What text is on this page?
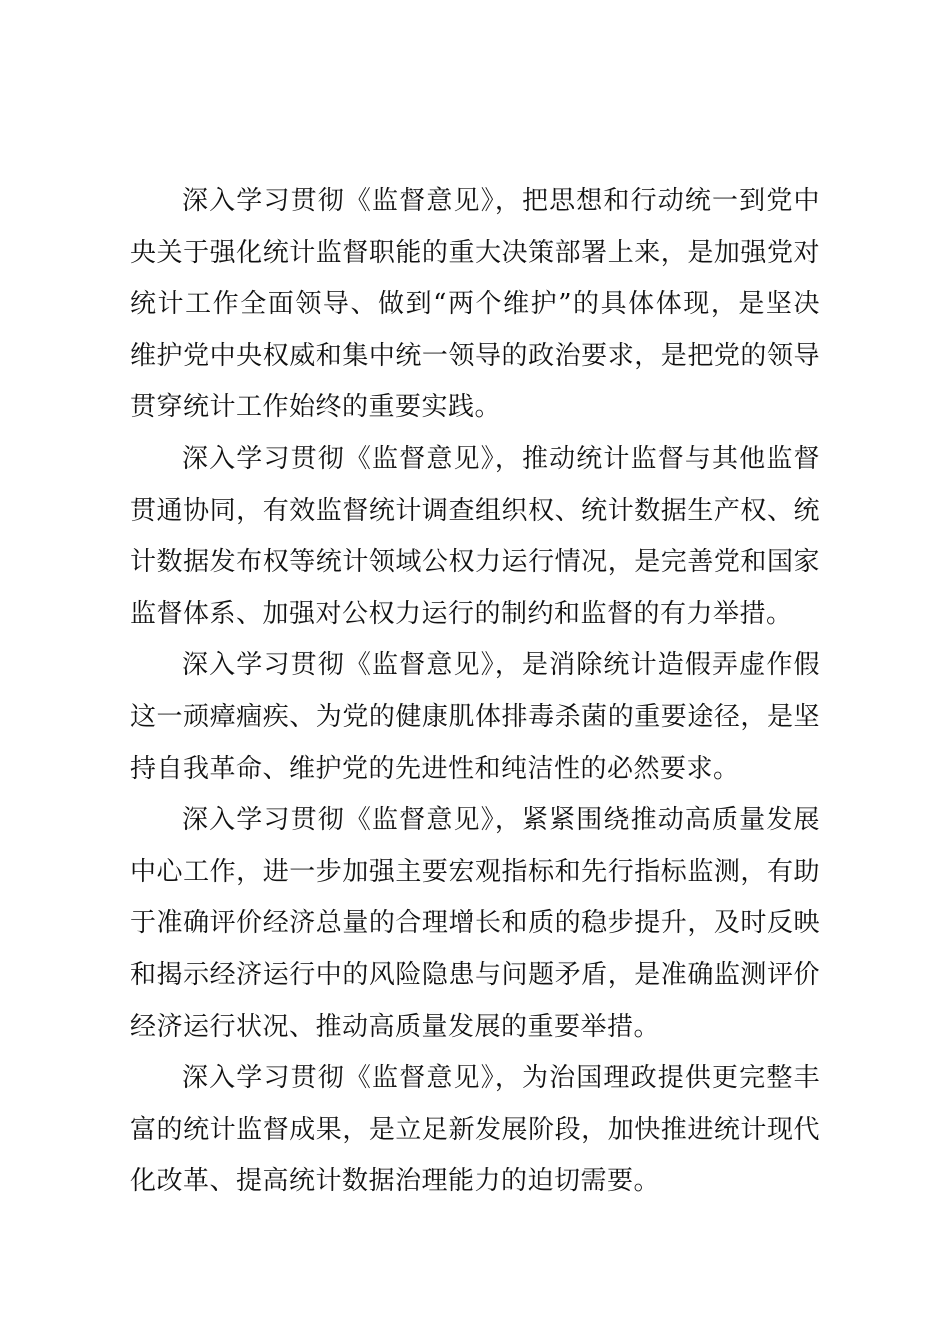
深入学习贯彻《监督意见》，把思想和行动统一到党中央关于强化统计监督职能的重大决策部署上来，是加强党对统计工作全面领导、做到“两个维护”的具体体现，是坚决维护党中央权威和集中统一领导的政治要求，是把党的领导贯穿统计工作始终的重要实践。

深入学习贯彻《监督意见》，推动统计监督与其他监督贯通协同，有效监督统计调查组织权、统计数据生产权、统计数据发布权等统计领域公权力运行情况，是完善党和国家监督体系、加强对公权力运行的制约和监督的有力举措。

深入学习贯彻《监督意见》，是消除统计造假弄虚作假这一顽瘴痼疾、为党的健康肌体排毒杀菌的重要途径，是坚持自我革命、维护党的先进性和纯洁性的必然要求。

深入学习贯彻《监督意见》，紧紧围绕推动高质量发展中心工作，进一步加强主要宏观指标和先行指标监测，有助于准确评价经济总量的合理增长和质的稳步提升，及时反映和揭示经济运行中的风险隐患与问题矛盾，是准确监测评价经济运行状况、推动高质量发展的重要举措。

深入学习贯彻《监督意见》，为治国理政提供更完整丰富的统计监督成果，是立足新发展阶段，加快推进统计现代化改革、提高统计数据治理能力的迫切需要。
